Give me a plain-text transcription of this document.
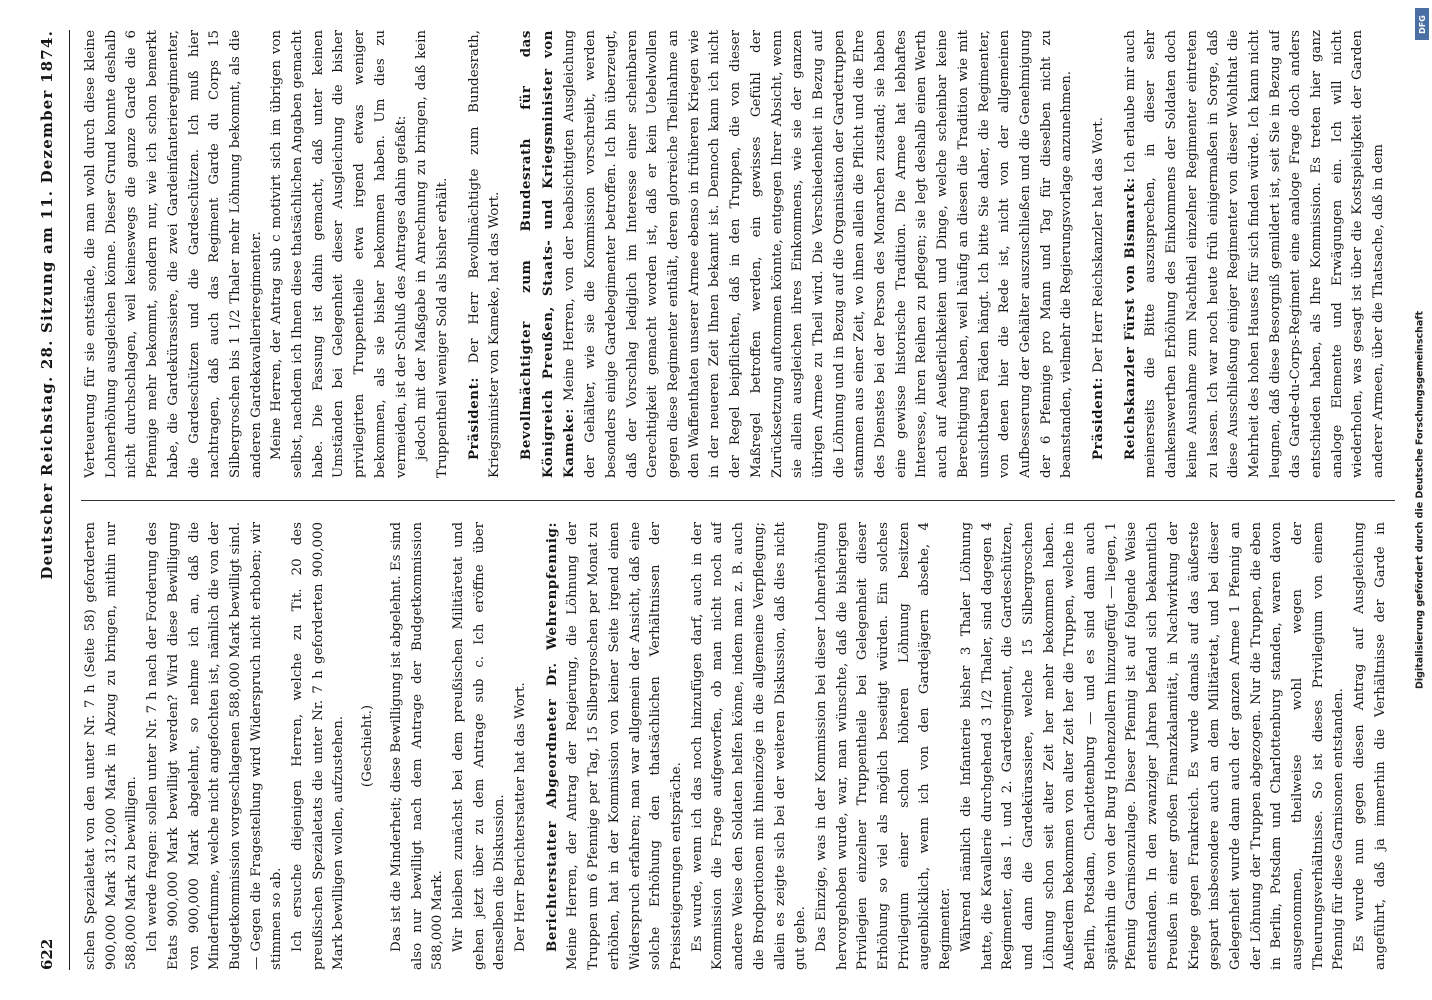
622
Deutscher Reichstag. 28. Sitzung am 11. Dezember 1874.

schen Spezialetat von den unter Nr. 7 h (Seite 58) geforderten 900,000 Mark 312,000 Mark in Abzug zu bringen, mithin nur 588,000 Mark zu bewilligen. Ich werde fragen: sollen unter Nr. 7 h nach der Forderung des Etats 900,000 Mark bewilligt werden? Wird diese Bewilligung von 900,000 Mark abgelehnt, so nehme ich an, daß die Minderfumme, welche nicht angefochten ist, nämlich die von der Budgetkommission vorgeschlagenen 588,000 Mark bewilligt sind. — Gegen die Fragestellung wird Widerspruch nicht erhoben; wir stimmen so ab. Ich ersuche diejenigen Herren, welche zu Tit. 20 des preußischen Spezialetats die unter Nr. 7 h geforderten 900,000 Mark bewilligen wollen, aufzustehen. (Geschieht.) Das ist die Minderheit; diese Bewilligung ist abgelehnt. Es sind also nur bewilligt nach dem Antrage der Budgetkommission 588,000 Mark. Wir bleiben zunächst bei dem preußischen Militäretat und gehen jetzt über zu dem Antrage sub c. Ich eröffne über denselben die Diskussion. Der Herr Berichterstatter hat das Wort. Berichterstatter Abgeordneter Dr. Wehrenpfennig: Meine Herren, der Antrag der Regierung, die Löhnung der Truppen um 6 Pfennige per Tag, 15 Silbergroschen per Monat zu erhöhen, hat in der Kommission von keiner Seite irgend einen Widerspruch erfahren; man war allgemein der Ansicht, daß eine solche Erhöhung den thatsächlichen Verhältnissen der Preissteigerungen entspräche. Es wurde, wenn ich das noch hinzufügen darf, auch in der Kommission die Frage aufgeworfen, ob man nicht noch auf andere Weise den Soldaten helfen könne, indem man z. B. auch die Brodportionen mit hineinzöge in die allgemeine Verpflegung; allein es zeigte sich bei der weiteren Diskussion, daß dies nicht gut gehe. Das Einzige, was in der Kommission bei dieser Lohnerhöhung hervorgehoben wurde, war, man wünschte, daß die bisherigen Privilegien einzelner Truppentheile bei Gelegenheit dieser Erhöhung so viel als möglich beseitigt würden. Ein solches Privilegium einer schon höheren Löhnung besitzen augenblicklich, wenn ich von den Gardejägern absehe, 4 Regimenter. Während nämlich die Infanterie bisher 3 Thaler Löhnung hatte, die Kavallerie durchgehend 3 1/2 Thaler, sind dagegen 4 Regimenter, das 1. und 2. Garderegiment, die Gardeschützen, und dann die Gardekürassiere, welche 15 Silbergroschen Löhnung schon seit alter Zeit her mehr bekommen haben. Außerdem bekommen von alter Zeit her die Truppen, welche in Berlin, Potsdam, Charlottenburg — und es sind dann auch späterhin die von der Burg Hohenzollern hinzugefügt — liegen, 1 Pfennig Garnisonzulage. Dieser Pfennig ist auf folgende Weise entstanden. In den zwanziger Jahren befand sich bekanntlich Preußen in einer großen Finanzkalamität, in Nachwirkung der Kriege gegen Frankreich. Es wurde damals auf das äußerste gespart insbesondere auch an dem Militäretat, und bei dieser Gelegenheit wurde dann auch der ganzen Armee 1 Pfennig an der Löhnung der Truppen abgezogen. Nur die Truppen, die eben in Berlin, Potsdam und Charlottenburg standen, waren davon ausgenommen, theilweise wohl wegen der Theurungsverhältnisse. So ist dieses Privilegium von einem Pfennig für diese Garnisonen entstanden. Es wurde nun gegen diesen Antrag auf Ausgleichung angeführt, daß ja immerhin die Verhältnisse der Garde in

Verteuerung für sie entstände, die man wohl durch diese kleine Lohnerhöhung ausgleichen könne. Dieser Grund konnte deshalb nicht durchschlagen, weil keineswegs die ganze Garde die 6 Pfennige mehr bekommt, sondern nur, wie ich schon bemerkt habe, die Gardekürassiere, die zwei Gardeinfanterieregimenter, die Gardeschützen und die Gardeschützen. Ich muß hier nachtragen, daß auch das Regiment Garde du Corps 15 Silbergroschen bis 1 1/2 Thaler mehr Löhnung bekommt, als die anderen Gardekavallerieregimenter. Meine Herren, der Antrag sub c motivirt sich im übrigen von selbst, nachdem ich Ihnen diese thatsächlichen Angaben gemacht habe. Die Fassung ist dahin gemacht, daß unter keinen Umständen bei Gelegenheit dieser Ausgleichung die bisher privilegirten Truppentheile etwa irgend etwas weniger bekommen, als sie bisher bekommen haben. Um dies zu vermeiden, ist der Schluß des Antrages dahin gefaßt: jedoch mit der Maßgabe in Anrechnung zu bringen, daß kein Truppentheil weniger Sold als bisher erhält. Präsident: Der Herr Bevollmächtigte zum Bundesrath, Kriegsminister von Kameke, hat das Wort. Bevollmächtigter zum Bundesrath für das Königreich Preußen, Staats- und Kriegsminister von Kameke: Meine Herren, von der beabsichtigten Ausgleichung der Gehälter, wie sie die Kommission vorschreibt, werden besonders einige Gardebegimenter betroffen. Ich bin überzeugt, daß der Vorschlag lediglich im Interesse einer scheinbaren Gerechtigkeit gemacht worden ist, daß er kein Uebelwollen gegen diese Regimenter enthält, deren glorreiche Theilnahme an den Waffenthaten unserer Armee ebenso in früheren Kriegen wie in der neueren Zeit Ihnen bekannt ist. Dennoch kann ich nicht der Regel beipflichten, daß in den Truppen, die von dieser Maßregel betroffen werden, ein gewisses Gefühl der Zurücksetzung auftommen könnte, entgegen Ihrer Absicht, wenn sie allein ausgleichen ihres Einkommens, wie sie der ganzen übrigen Armee zu Theil wird. Die Verschiedenheit in Bezug auf die Löhnung und in Bezug auf die Organisation der Gardetruppen stammen aus einer Zeit, wo ihnen allein die Pflicht und die Ehre des Dienstes bei der Person des Monarchen zustand; sie haben eine gewisse historische Tradition. Die Armee hat lebhaftes Interesse, ihren Reihen zu pflegen; sie legt deshalb einen Werth auch auf Aeußerlichkeiten und Dinge, welche scheinbar keine Berechtigung haben, weil häufig an diesen die Tradition wie mit unsichtbaren Fäden hängt. Ich bitte Sie daher, die Regimenter, von denen hier die Rede ist, nicht von der allgemeinen Aufbesserung der Gehälter auszuschließen und die Genehmigung der 6 Pfennige pro Mann und Tag für dieselben nicht zu beanstanden, vielmehr die Regierungsvorlage anzunehmen. Präsident: Der Herr Reichskanzler hat das Wort. Reichskanzler Fürst von Bismarck: Ich erlaube mir auch meinerseits die Bitte auszusprechen, in dieser sehr dankenswerthen Erhöhung des Einkommens der Soldaten doch keine Ausnahme zum Nachtheil einzelner Regimenter eintreten zu lassen. Ich war noch heute früh einigermaßen in Sorge, daß diese Ausschließung einiger Regimenter von dieser Wohlthat die Mehrheit des hohen Hauses für sich finden würde. Ich kann nicht leugnen, daß diese Besorgniß gemildert ist, seit Sie in Bezug auf das Garde-du-Corps-Regiment eine analoge Frage doch anders entschieden haben, als Ihre Kommission. Es treten hier ganz analoge Elemente und Erwägungen ein. Ich will nicht wiederholen, was gesagt ist über die Kostspieligkeit der Garden anderer Armeen, über die Thatsache, daß in dem

DFG
Digitalisierung gefördert durch die Deutsche Forschungsgemeinschaft
